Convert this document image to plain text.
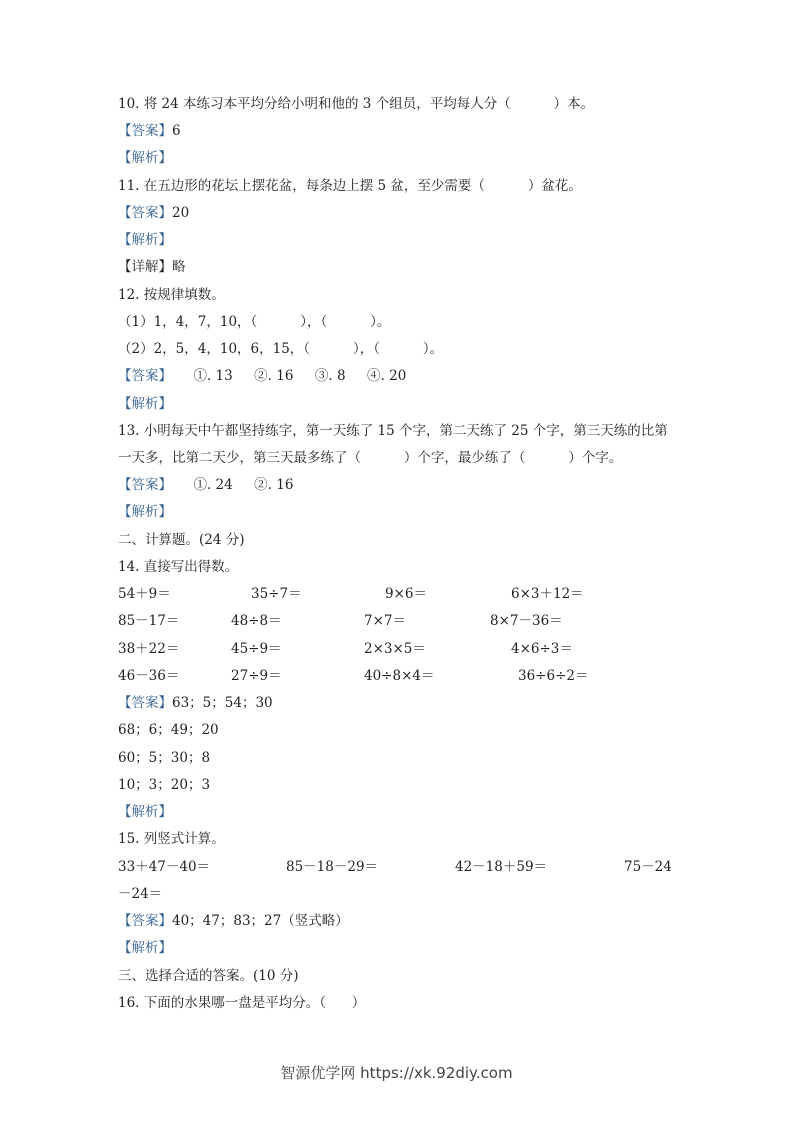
10. 将 24 本练习本平均分给小明和他的 3 个组员，平均每人分（          ）本。
【答案】6
【解析】
11. 在五边形的花坛上摆花盆，每条边上摆 5 盆，至少需要（          ）盆花。
【答案】20
【解析】
【详解】略
12. 按规律填数。
（1）1，4，7，10，（          ），（          ）。
（2）2，5，4，10，6，15，（          ），（          ）。
【答案】     ①. 13     ②. 16     ③. 8     ④. 20
【解析】
13. 小明每天中午都坚持练字，第一天练了 15 个字，第二天练了 25 个字，第三天练的比第
一天多，比第二天少，第三天最多练了（          ）个字，最少练了（          ）个字。
【答案】     ①. 24     ②. 16
【解析】
二、计算题。(24 分)
14. 直接写出得数。
54＋9＝	35÷7＝	9×6＝	6×3＋12＝
85－17＝	48÷8＝	7×7＝	8×7－36＝
38＋22＝	45÷9＝	2×3×5＝	4×6÷3＝
46－36＝	27÷9＝	40÷8×4＝	36÷6÷2＝
【答案】63；5；54；30
68；6；49；20
60；5；30；8
10；3；20；3
【解析】
15. 列竖式计算。
33＋47－40＝	85－18－29＝	42－18＋59＝	75－24
－24＝
【答案】40；47；83；27（竖式略）
【解析】
三、选择合适的答案。(10 分)
16. 下面的水果哪一盘是平均分。（      ）
智源优学网 https://xk.92diy.com
